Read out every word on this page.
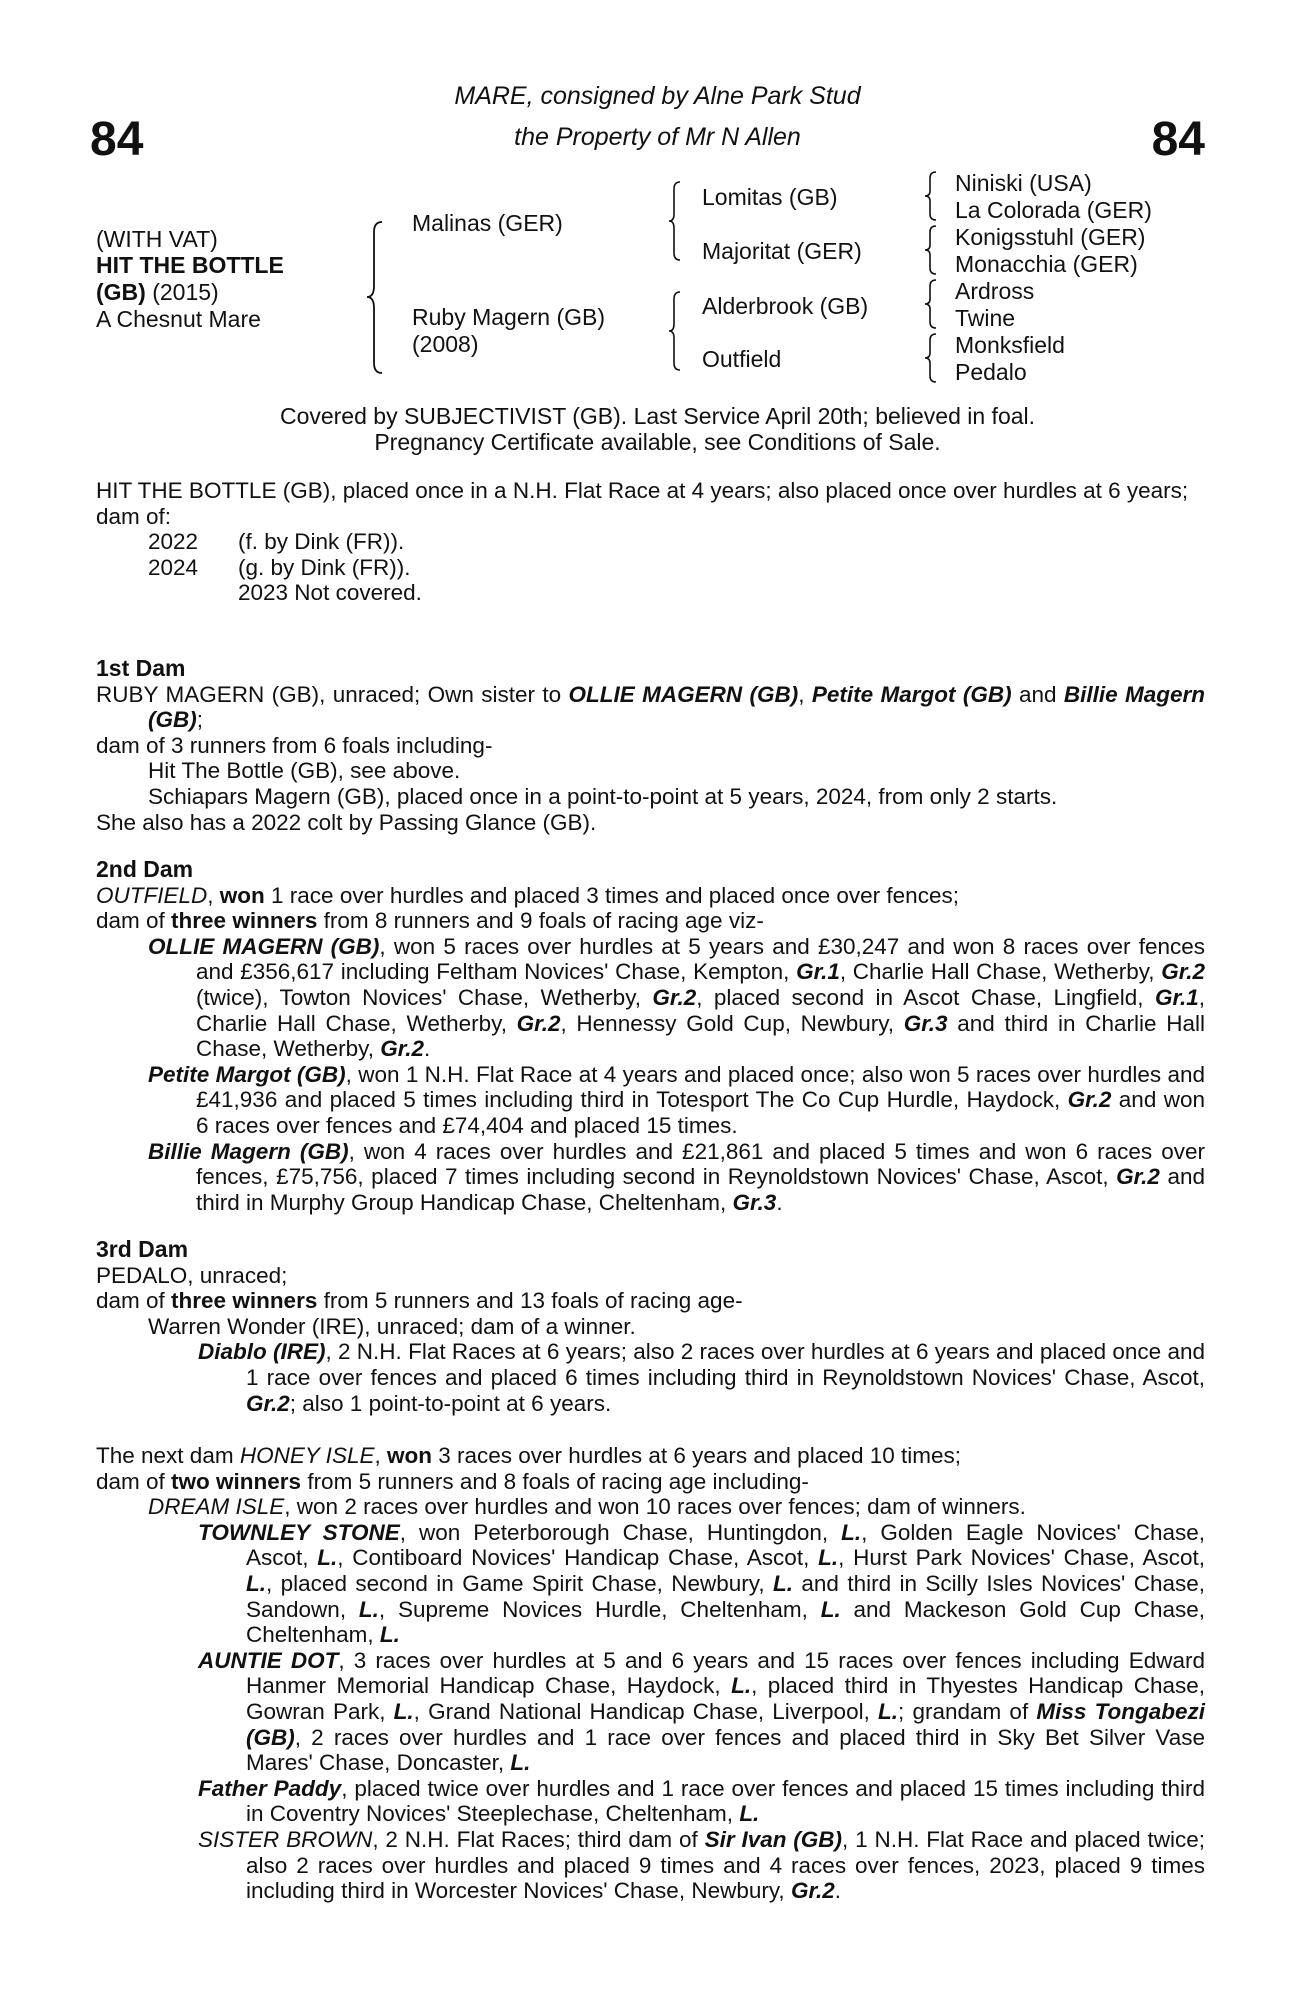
84	84
MARE, consigned by Alne Park Stud
the Property of Mr N Allen
(WITH VAT)
HIT THE BOTTLE
(GB) (2015)
A Chesnut Mare
Malinas (GER)
Ruby Magern (GB)
(2008)
Lomitas (GB)
Majoritat (GER)
Alderbrook (GB)
Outfield
Niniski (USA)
La Colorada (GER)
Konigsstuhl (GER)
Monacchia (GER)
Ardross
Twine
Monksfield
Pedalo
Covered by SUBJECTIVIST (GB). Last Service April 20th; believed in foal.
Pregnancy Certificate available, see Conditions of Sale.
HIT THE BOTTLE (GB), placed once in a N.H. Flat Race at 4 years; also placed once over hurdles at 6 years;
dam of:
2022 (f. by Dink (FR)).
2024 (g. by Dink (FR)).
2023 Not covered.
1st Dam
RUBY MAGERN (GB), unraced; Own sister to OLLIE MAGERN (GB), Petite Margot (GB) and Billie Magern (GB);
dam of 3 runners from 6 foals including-
Hit The Bottle (GB), see above.
Schiapars Magern (GB), placed once in a point-to-point at 5 years, 2024, from only 2 starts.
She also has a 2022 colt by Passing Glance (GB).
2nd Dam
OUTFIELD, won 1 race over hurdles and placed 3 times and placed once over fences;
dam of three winners from 8 runners and 9 foals of racing age viz-
OLLIE MAGERN (GB), won 5 races over hurdles at 5 years and £30,247 and won 8 races over fences and £356,617 including Feltham Novices' Chase, Kempton, Gr.1, Charlie Hall Chase, Wetherby, Gr.2 (twice), Towton Novices' Chase, Wetherby, Gr.2, placed second in Ascot Chase, Lingfield, Gr.1, Charlie Hall Chase, Wetherby, Gr.2, Hennessy Gold Cup, Newbury, Gr.3 and third in Charlie Hall Chase, Wetherby, Gr.2.
Petite Margot (GB), won 1 N.H. Flat Race at 4 years and placed once; also won 5 races over hurdles and £41,936 and placed 5 times including third in Totesport The Co Cup Hurdle, Haydock, Gr.2 and won 6 races over fences and £74,404 and placed 15 times.
Billie Magern (GB), won 4 races over hurdles and £21,861 and placed 5 times and won 6 races over fences, £75,756, placed 7 times including second in Reynoldstown Novices' Chase, Ascot, Gr.2 and third in Murphy Group Handicap Chase, Cheltenham, Gr.3.
3rd Dam
PEDALO, unraced;
dam of three winners from 5 runners and 13 foals of racing age-
Warren Wonder (IRE), unraced; dam of a winner.
Diablo (IRE), 2 N.H. Flat Races at 6 years; also 2 races over hurdles at 6 years and placed once and 1 race over fences and placed 6 times including third in Reynoldstown Novices' Chase, Ascot, Gr.2; also 1 point-to-point at 6 years.
The next dam HONEY ISLE, won 3 races over hurdles at 6 years and placed 10 times;
dam of two winners from 5 runners and 8 foals of racing age including-
DREAM ISLE, won 2 races over hurdles and won 10 races over fences; dam of winners.
TOWNLEY STONE, won Peterborough Chase, Huntingdon, L., Golden Eagle Novices' Chase, Ascot, L., Contiboard Novices' Handicap Chase, Ascot, L., Hurst Park Novices' Chase, Ascot, L., placed second in Game Spirit Chase, Newbury, L. and third in Scilly Isles Novices' Chase, Sandown, L., Supreme Novices Hurdle, Cheltenham, L. and Mackeson Gold Cup Chase, Cheltenham, L.
AUNTIE DOT, 3 races over hurdles at 5 and 6 years and 15 races over fences including Edward Hanmer Memorial Handicap Chase, Haydock, L., placed third in Thyestes Handicap Chase, Gowran Park, L., Grand National Handicap Chase, Liverpool, L.; grandam of Miss Tongabezi (GB), 2 races over hurdles and 1 race over fences and placed third in Sky Bet Silver Vase Mares' Chase, Doncaster, L.
Father Paddy, placed twice over hurdles and 1 race over fences and placed 15 times including third in Coventry Novices' Steeplechase, Cheltenham, L.
SISTER BROWN, 2 N.H. Flat Races; third dam of Sir Ivan (GB), 1 N.H. Flat Race and placed twice; also 2 races over hurdles and placed 9 times and 4 races over fences, 2023, placed 9 times including third in Worcester Novices' Chase, Newbury, Gr.2.
